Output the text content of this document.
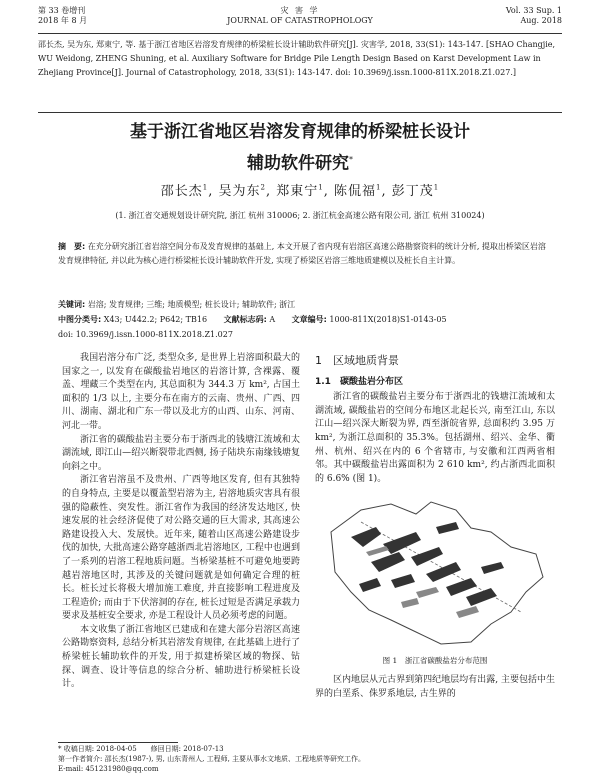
第 33 卷增刊
2018 年 8 月
灾 害 学
JOURNAL OF CATASTROPHOLOGY
Vol. 33 Sup. 1
Aug. 2018
邵长杰, 吴为东, 郑東宁, 等. 基于浙江省地区岩溶发育规律的桥梁桩长设计辅助软件研究[J]. 灾害学, 2018, 33(S1): 143-147. [SHAO Changjie, WU Weidong, ZHENG Shuning, et al. Auxiliary Software for Bridge Pile Length Design Based on Karst Development Law in Zhejiang Province[J]. Journal of Catastrophology, 2018, 33(S1): 143-147. doi: 10.3969/j.issn.1000-811X.2018.Z1.027.]
基于浙江省地区岩溶发育规律的桥梁桩长设计
辅助软件研究*
邵长杰$^1$, 吴为东$^2$, 郑東宁$^1$, 陈侃福$^1$, 彭丁茂$^1$
(1. 浙江省交通规划设计研究院, 浙江 杭州 310006; 2. 浙江杭金高速公路有限公司, 浙江 杭州 310024)
摘　要: 在充分研究浙江省岩溶空间分布及发育规律的基础上, 本文开展了省内现有岩溶区高速公路勘察资料的统计分析, 提取出桥梁区岩溶发育规律特征, 并以此为核心进行桥梁桩长设计辅助软件开发, 实现了桥梁区岩溶三维地质建模以及桩长自主计算。
关键词: 岩溶; 发育规律; 三维; 地质模型; 桩长设计; 辅助软件; 浙江
中图分类号: X43; U442.2; P642; TB16 文献标志码: A 文章编号: 1000-811X(2018)S1-0143-05
doi: 10.3969/j.issn.1000-811X.2018.Z1.027

我国岩溶分布广泛, 类型众多, 是世界上岩溶面积最大的国家之一, 以发育在碳酸盐岩地区的岩溶计算, 含裸露、覆盖、埋藏三个类型在内, 其总面积为 344.3 万 km², 占国土面积的 1/3 以上, 主要分布在南方的云南、贵州、广西、四川、湖南、湖北和广东一带以及北方的山西、山东、河南、河北一带。

浙江省的碳酸盐岩主要分布于浙西北的钱塘江流域和太湖流域, 即江山—绍兴断裂带北西侧, 扬子陆块东南缘钱塘复向斜之中。

浙江省岩溶虽不及贵州、广西等地区发育, 但有其独特的自身特点, 主要是以覆盖型岩溶为主, 岩溶地质灾害具有很强的隐蔽性、突发性。浙江省作为我国的经济发达地区, 快速发展的社会经济促使了对公路交通的巨大需求, 其高速公路建设投入大、发展快。近年来, 随着山区高速公路建设步伐的加快, 大批高速公路穿越浙西北岩溶地区, 工程中也遇到了一系列的岩溶工程地质问题。当桥梁基桩不可避免地要跨越岩溶地区时, 其涉及的关键问题就是如何确定合理的桩长。桩长过长将极大增加施工难度, 并直接影响工程进度及工程造价; 而由于下伏溶洞的存在, 桩长过短是否满足承载力要求及基桩安全要求, 亦是工程设计人员必须考虑的问题。

本文收集了浙江省地区已建成和在建大部分岩溶区高速公路勘察资料, 总结分析其岩溶发育规律, 在此基础上进行了桥梁桩长辅助软件的开发, 用于拟建桥梁区域的物探、钻探、调查、设计等信息的综合分析、辅助进行桥梁桩长设计。

1　区域地质背景
1.1　碳酸盐岩分布区

浙江省的碳酸盐岩主要分布于浙西北的钱塘江流域和太湖流域, 碳酸盐岩的空间分布地区北起长兴, 南至江山, 东以江山—绍兴深大断裂为界, 西至浙皖省界, 总面积约 3.95 万 km², 为浙江总面积的 35.3%。包括湖州、绍兴、金华、衢州、杭州、绍兴在内的 6 个省辖市, 与安徽和江西两省相邻。其中碳酸盐岩出露面积为 2 610 km², 约占浙西北面积的 6.6% (图 1)。

图 1　浙江省碳酸盐岩分布范围

区内地层从元古界到第四纪地层均有出露, 主要包括中生界的白垩系、侏罗系地层, 古生界的

* 收稿日期: 2018-04-05　　修回日期: 2018-07-13
第一作者简介: 邵长杰(1987-), 男, 山东青州人, 工程师, 主要从事水文地质、工程地质等研究工作。
E-mail: 451231980@qq.com
